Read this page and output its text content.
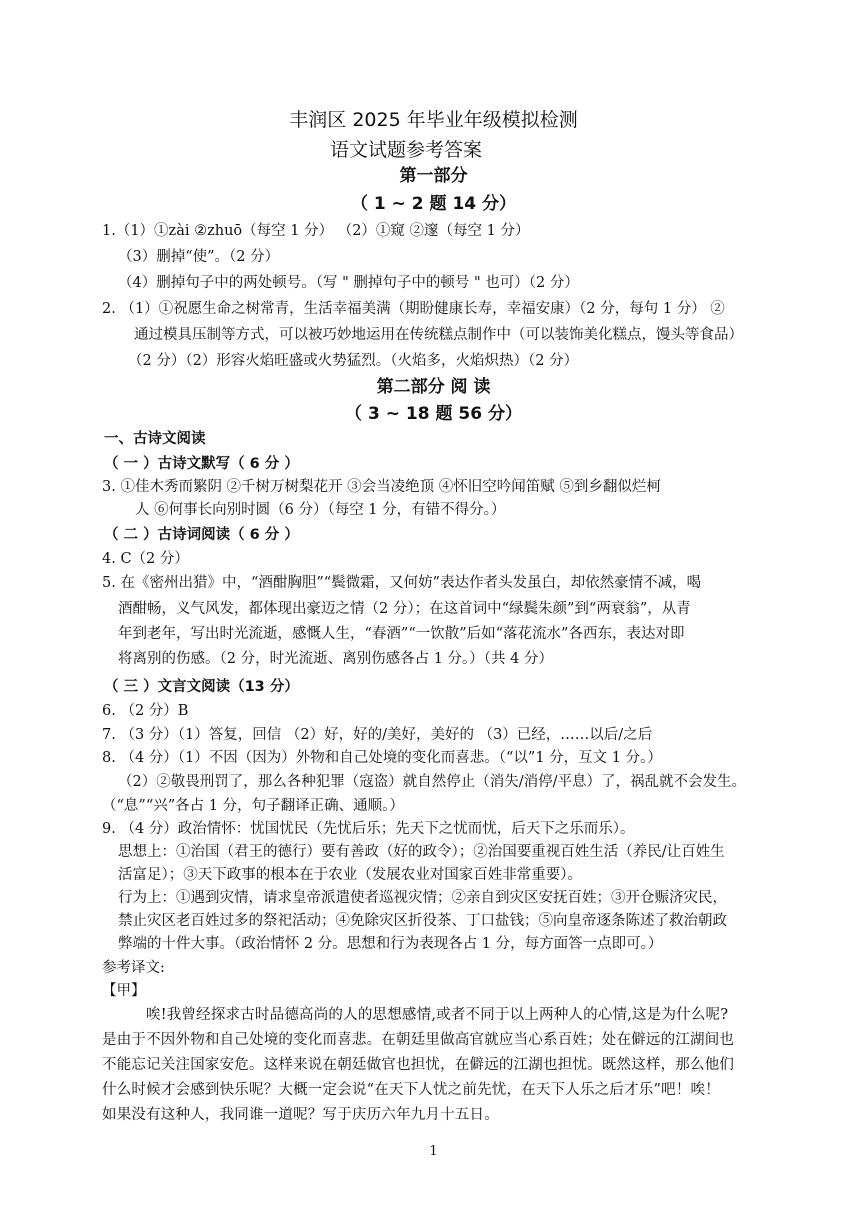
丰润区 2025 年毕业年级模拟检测
语文试题参考答案
第一部分
（ 1 ~ 2 题 14 分）
1.（1）①zài ②zhuō（每空 1 分） （2）①窥 ②邃（每空 1 分）
（3）删掉“使”。（2 分）
（4）删掉句子中的两处顿号。（写 " 删掉句子中的顿号 " 也可）（2 分）
2. （1）①祝愿生命之树常青，生活幸福美满（期盼健康长寿，幸福安康）（2 分，每句 1 分） ②
通过模具压制等方式，可以被巧妙地运用在传统糕点制作中（可以装饰美化糕点，馒头等食品）
（2 分）（2）形容火焰旺盛或火势猛烈。（火焰多，火焰炽热）（2 分）
第二部分 阅 读
（ 3 ~ 18 题 56 分）
一、古诗文阅读
（ 一 ）古诗文默写（ 6 分 ）
3. ①佳木秀而繁阴 ②千树万树梨花开 ③会当凌绝顶 ④怀旧空吟闻笛赋 ⑤到乡翻似烂柯
人 ⑥何事长向别时圆（6 分）（每空 1 分，有错不得分。）
（ 二 ）古诗词阅读（ 6 分 ）
4. C（2 分）
5. 在《密州出猎》中，“酒酣胸胆”“鬓微霜，又何妨”表达作者头发虽白，却依然豪情不减，喝
酒酣畅，义气风发，都体现出豪迈之情（2 分）；在这首词中“绿鬓朱颜”到“两衰翁”，从青
年到老年，写出时光流逝，感慨人生，“春酒”“一饮散”后如“落花流水”各西东，表达对即
将离别的伤感。（2 分，时光流逝、离别伤感各占 1 分。）（共 4 分）
（ 三 ）文言文阅读（13 分）
6. （2 分）B
7. （3 分）（1）答复，回信 （2）好，好的/美好，美好的 （3）已经，……以后/之后
8. （4 分）（1）不因（因为）外物和自己处境的变化而喜悲。（“以”1 分，互文 1 分。）
（2）②敬畏刑罚了，那么各种犯罪（寇盗）就自然停止（消失/消停/平息）了，祸乱就不会发生。
（“息”“兴”各占 1 分，句子翻译正确、通顺。）
9. （4 分）政治情怀：忧国忧民（先忧后乐；先天下之忧而忧，后天下之乐而乐）。
思想上：①治国（君王的德行）要有善政（好的政令）；②治国要重视百姓生活（养民/让百姓生
活富足）；③天下政事的根本在于农业（发展农业对国家百姓非常重要）。
行为上：①遇到灾情，请求皇帝派遣使者巡视灾情；②亲自到灾区安抚百姓；③开仓赈济灾民，
禁止灾区老百姓过多的祭祀活动；④免除灾区折役茶、丁口盐钱；⑤向皇帝逐条陈述了救治朝政
弊端的十件大事。（政治情怀 2 分。思想和行为表现各占 1 分，每方面答一点即可。）
参考译文:
【甲】
唉!我曾经探求古时品德高尚的人的思想感情,或者不同于以上两种人的心情,这是为什么呢?
是由于不因外物和自己处境的变化而喜悲。在朝廷里做高官就应当心系百姓；处在僻远的江湖间也
不能忘记关注国家安危。这样来说在朝廷做官也担忧，在僻远的江湖也担忧。既然这样，那么他们
什么时候才会感到快乐呢？大概一定会说“在天下人忧之前先忧，在天下人乐之后才乐”吧！唉！
如果没有这种人，我同谁一道呢？写于庆历六年九月十五日。
1
